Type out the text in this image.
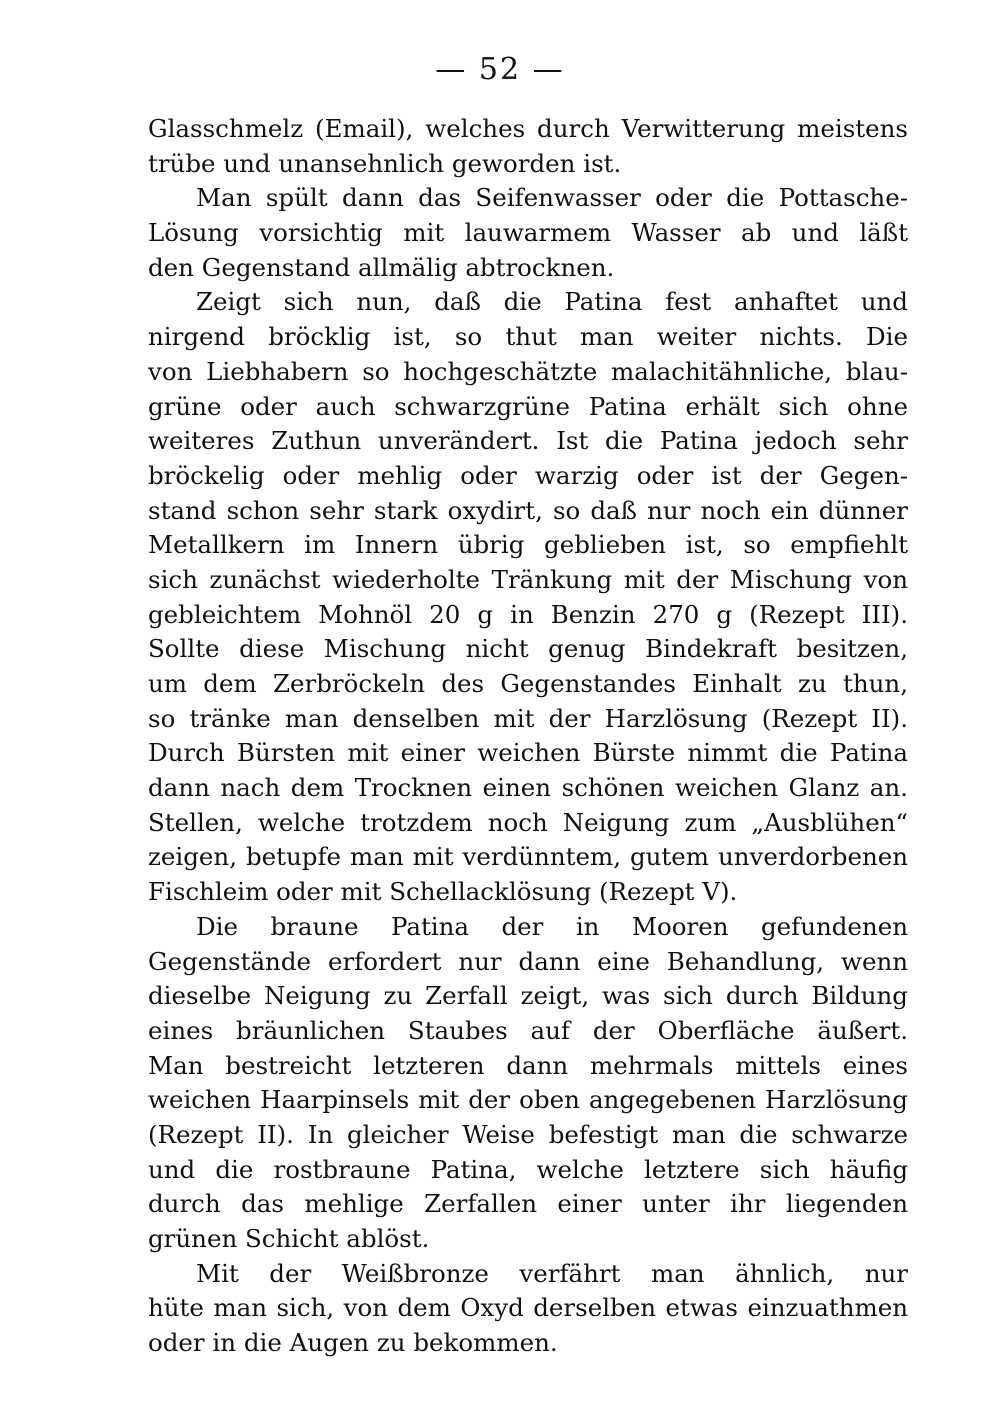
— 52 —
Glasschmelz (Email), welches durch Verwitterung meistens
trübe und unansehnlich geworden ist.
Man spült dann das Seifenwasser oder die Pottasche-
Lösung vorsichtig mit lauwarmem Wasser ab und läßt
den Gegenstand allmälig abtrocknen.
Zeigt sich nun, daß die Patina fest anhaftet und
nirgend bröcklig ist, so thut man weiter nichts. Die
von Liebhabern so hochgeschätzte malachitähnliche, blau-
grüne oder auch schwarzgrüne Patina erhält sich ohne
weiteres Zuthun unverändert. Ist die Patina jedoch sehr
bröckelig oder mehlig oder warzig oder ist der Gegen-
stand schon sehr stark oxydirt, so daß nur noch ein dünner
Metallkern im Innern übrig geblieben ist, so empfiehlt
sich zunächst wiederholte Tränkung mit der Mischung von
gebleichtem Mohnöl 20 g in Benzin 270 g (Rezept III).
Sollte diese Mischung nicht genug Bindekraft besitzen,
um dem Zerbröckeln des Gegenstandes Einhalt zu thun,
so tränke man denselben mit der Harzlösung (Rezept II).
Durch Bürsten mit einer weichen Bürste nimmt die Patina
dann nach dem Trocknen einen schönen weichen Glanz an.
Stellen, welche trotzdem noch Neigung zum „Ausblühen“
zeigen, betupfe man mit verdünntem, gutem unverdorbenen
Fischleim oder mit Schellacklösung (Rezept V).
Die braune Patina der in Mooren gefundenen
Gegenstände erfordert nur dann eine Behandlung, wenn
dieselbe Neigung zu Zerfall zeigt, was sich durch Bildung
eines bräunlichen Staubes auf der Oberfläche äußert.
Man bestreicht letzteren dann mehrmals mittels eines
weichen Haarpinsels mit der oben angegebenen Harzlösung
(Rezept II). In gleicher Weise befestigt man die schwarze
und die rostbraune Patina, welche letztere sich häufig
durch das mehlige Zerfallen einer unter ihr liegenden
grünen Schicht ablöst.
Mit der Weißbronze verfährt man ähnlich, nur
hüte man sich, von dem Oxyd derselben etwas einzuathmen
oder in die Augen zu bekommen.
